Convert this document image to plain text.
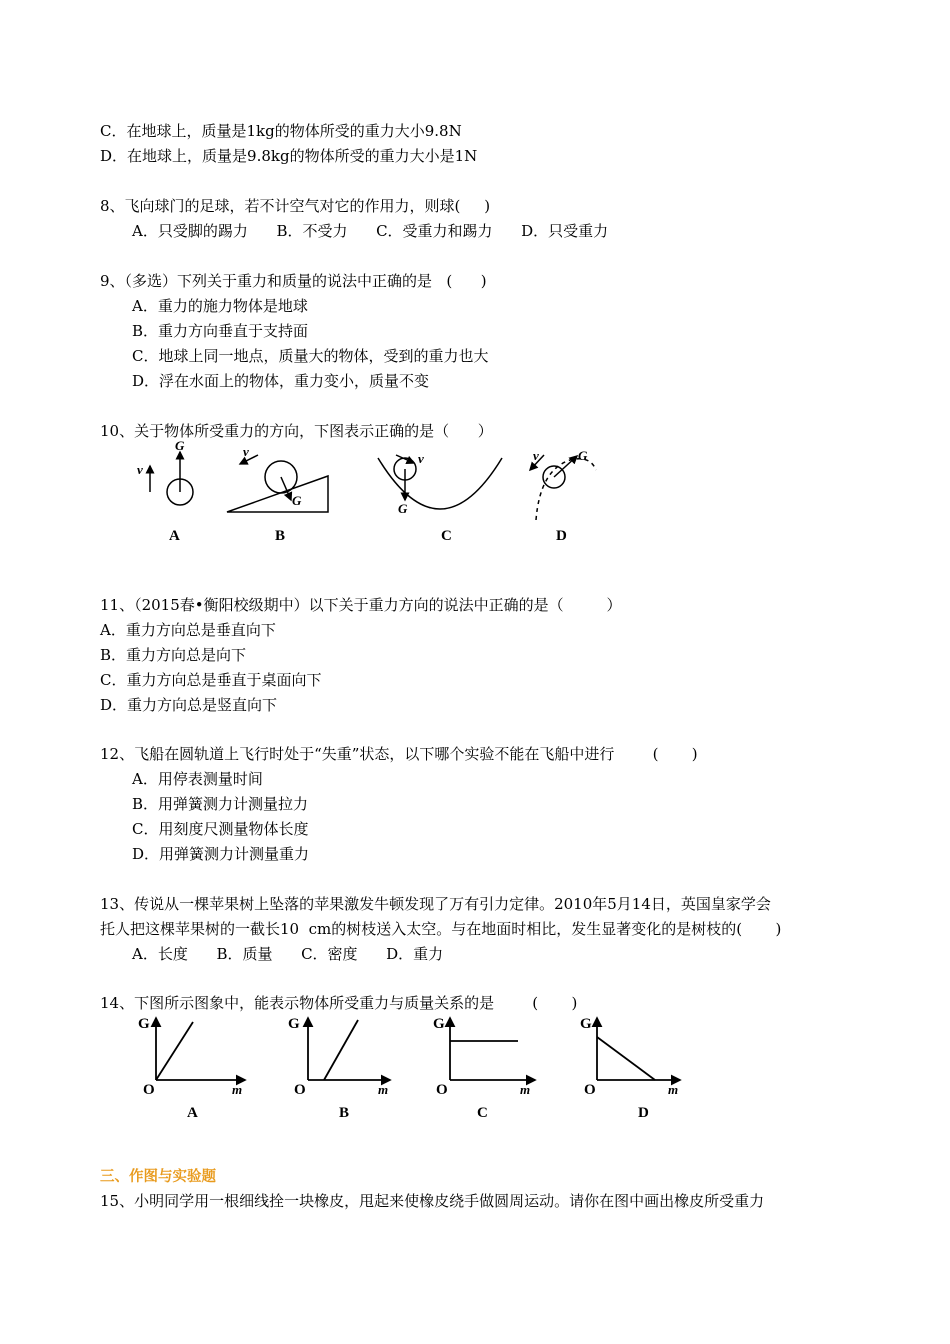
C．在地球上，质量是1kg的物体所受的重力大小9.8N
D．在地球上，质量是9.8kg的物体所受的重力大小是1N
8、飞向球门的足球，若不计空气对它的作用力，则球(     )
A．只受脚的踢力      B．不受力      C．受重力和踢力      D．只受重力
9、（多选）下列关于重力和质量的说法中正确的是   (      )
A．重力的施力物体是地球
B．重力方向垂直于支持面
C．地球上同一地点，质量大的物体，受到的重力也大
D．浮在水面上的物体，重力变小，质量不变
10、关于物体所受重力的方向，下图表示正确的是（      ）
v
G
G
v
G
v	G
v
A	B	C	D
11、（2015春•衡阳校级期中）以下关于重力方向的说法中正确的是（         ）
A．重力方向总是垂直向下
B．重力方向总是向下
C．重力方向总是垂直于桌面向下
D．重力方向总是竖直向下
12、飞船在圆轨道上飞行时处于“失重”状态，以下哪个实验不能在飞船中进行        (       )
A．用停表测量时间
B．用弹簧测力计测量拉力
C．用刻度尺测量物体长度
D．用弹簧测力计测量重力
13、传说从一棵苹果树上坠落的苹果激发牛顿发现了万有引力定律。2010年5月14日，英国皇家学会
托人把这棵苹果树的一截长10  cm的树枝送入太空。与在地面时相比，发生显著变化的是树枝的(       )
A．长度      B．质量      C．密度      D．重力
14、下图所示图象中，能表示物体所受重力与质量关系的是        (       )
G
O	m
A
G
O	m
B
G
O	m
C
G
O	m
D
三、作图与实验题
15、小明同学用一根细线拴一块橡皮，甩起来使橡皮绕手做圆周运动。请你在图中画出橡皮所受重力
